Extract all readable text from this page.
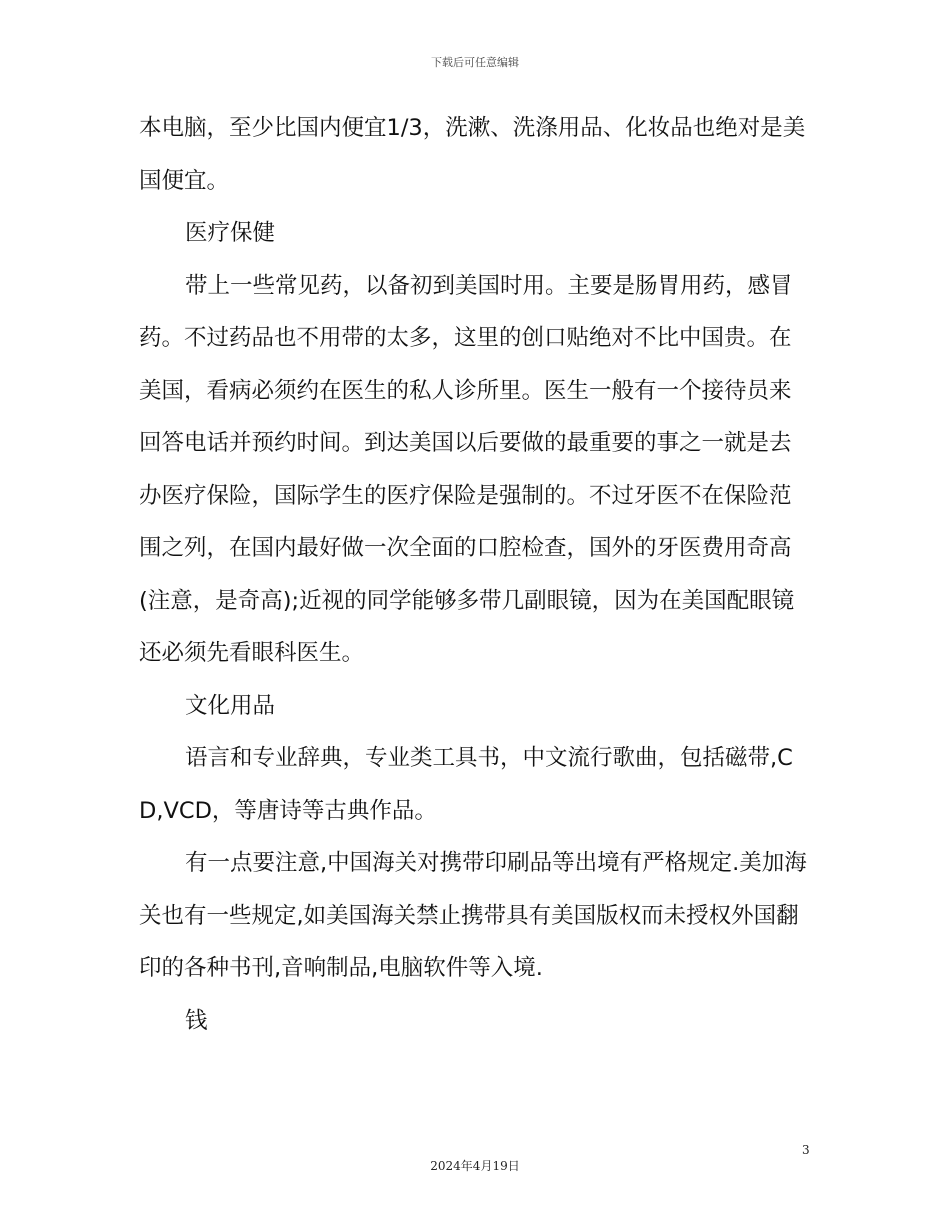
下载后可任意编辑

本电脑，至少比国内便宜1/3，洗漱、洗涤用品、化妆品也绝对是美国便宜。

医疗保健

带上一些常见药，以备初到美国时用。主要是肠胃用药，感冒药。不过药品也不用带的太多，这里的创口贴绝对不比中国贵。在美国，看病必须约在医生的私人诊所里。医生一般有一个接待员来回答电话并预约时间。到达美国以后要做的最重要的事之一就是去办医疗保险，国际学生的医疗保险是强制的。不过牙医不在保险范围之列，在国内最好做一次全面的口腔检查，国外的牙医费用奇高(注意，是奇高);近视的同学能够多带几副眼镜，因为在美国配眼镜还必须先看眼科医生。

文化用品

语言和专业辞典，专业类工具书，中文流行歌曲，包括磁带,CD,VCD，等唐诗等古典作品。

有一点要注意,中国海关对携带印刷品等出境有严格规定.美加海关也有一些规定,如美国海关禁止携带具有美国版权而未授权外国翻印的各种书刊,音响制品,电脑软件等入境.

钱

3
2024年4月19日
